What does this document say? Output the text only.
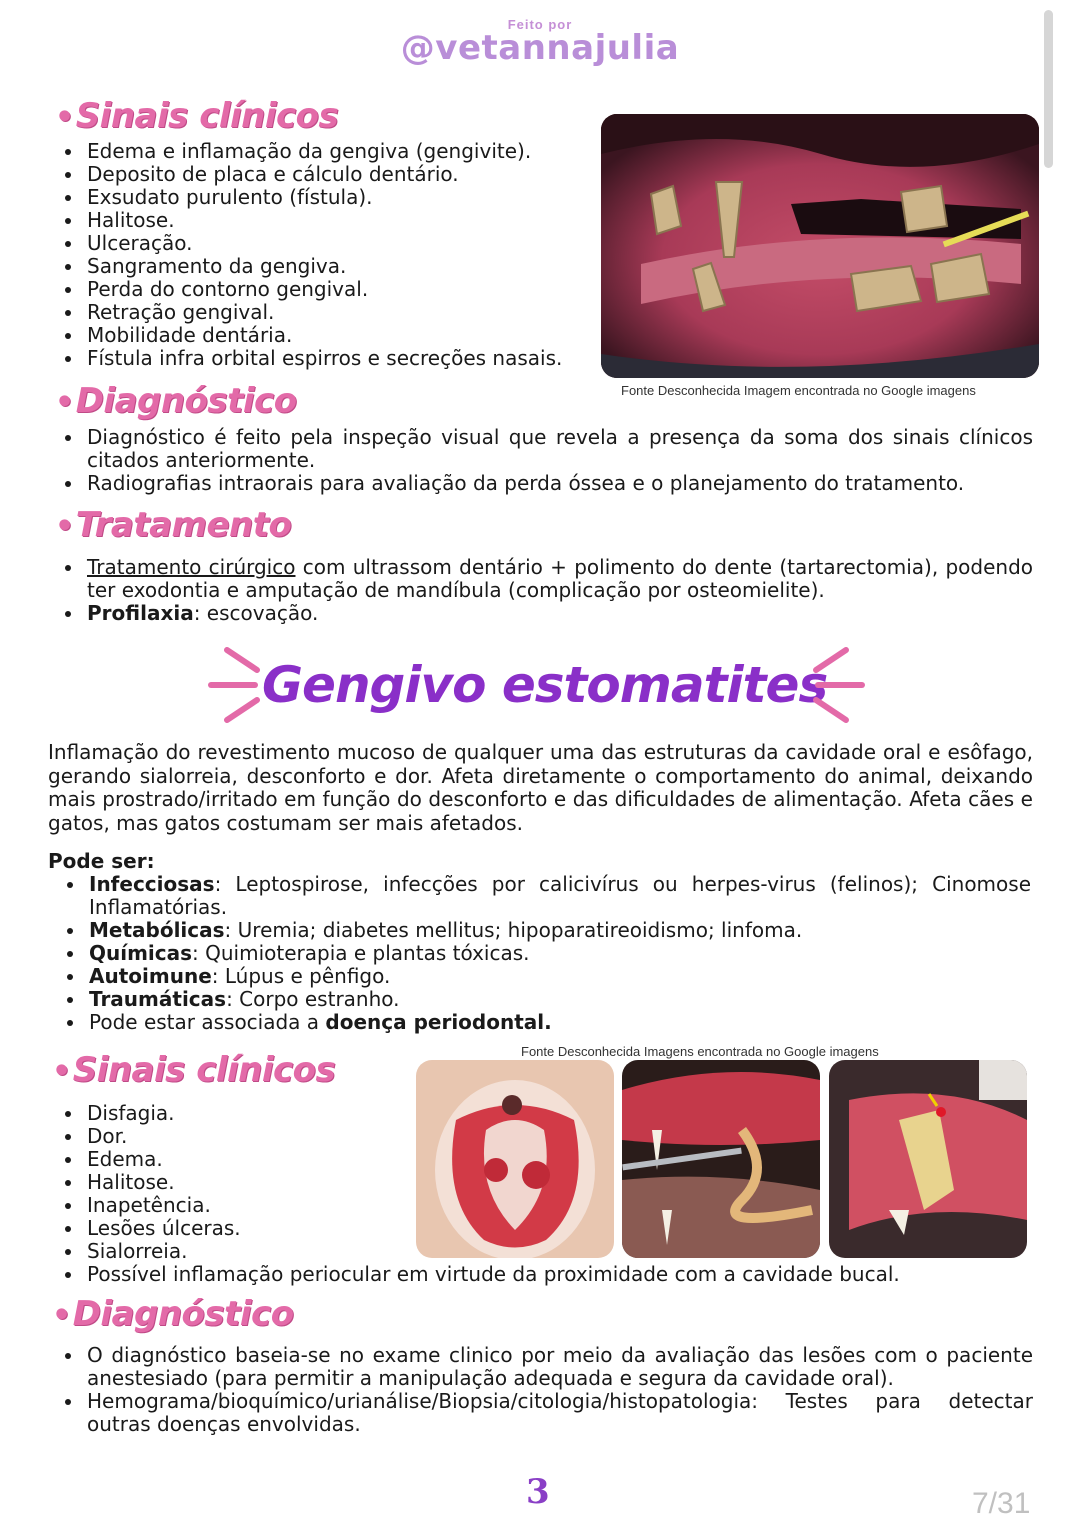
Feito por
@vetannajulia
•Sinais clínicos
Edema e inflamação da gengiva (gengivite).
Deposito de placa e cálculo dentário.
Exsudato purulento (fístula).
Halitose.
Ulceração.
Sangramento da gengiva.
Perda do contorno gengival.
Retração gengival.
Mobilidade dentária.
Fístula infra orbital espirros e secreções nasais.
Fonte Desconhecida Imagem encontrada no Google imagens
•Diagnóstico
Diagnóstico é feito pela inspeção visual que revela a presença da soma dos sinais clínicos citados anteriormente.
Radiografias intraorais para avaliação da perda óssea e o planejamento do tratamento.
•Tratamento
Tratamento cirúrgico com ultrassom dentário + polimento do dente (tartarectomia), podendo ter exodontia e amputação de mandíbula (complicação por osteomielite).
Profilaxia: escovação.
Gengivo estomatites
Inflamação do revestimento mucoso de qualquer uma das estruturas da cavidade oral e esôfago, gerando sialorreia, desconforto e dor. Afeta diretamente o comportamento do animal, deixando mais prostrado/irritado em função do desconforto e das dificuldades de alimentação. Afeta cães e gatos, mas gatos costumam ser mais afetados.
Pode ser:
Infecciosas: Leptospirose, infecções por calicivírus ou herpes-virus (felinos); Cinomose Inflamatórias.
Metabólicas: Uremia; diabetes mellitus; hipoparatireoidismo; linfoma.
Químicas: Quimioterapia e plantas tóxicas.
Autoimune: Lúpus e pênfigo.
Traumáticas: Corpo estranho.
Pode estar associada a doença periodontal.
Fonte Desconhecida Imagens encontrada no Google imagens
•Sinais clínicos
Disfagia.
Dor.
Edema.
Halitose.
Inapetência.
Lesões úlceras.
Sialorreia.
Possível inflamação periocular em virtude da proximidade com a cavidade bucal.
•Diagnóstico
O diagnóstico baseia-se no exame clinico por meio da avaliação das lesões com o paciente anestesiado (para permitir a manipulação adequada e segura da cavidade oral).
Hemograma/bioquímico/urianálise/Biopsia/citologia/histopatologia: Testes para detectar outras doenças envolvidas.
3	7/31
